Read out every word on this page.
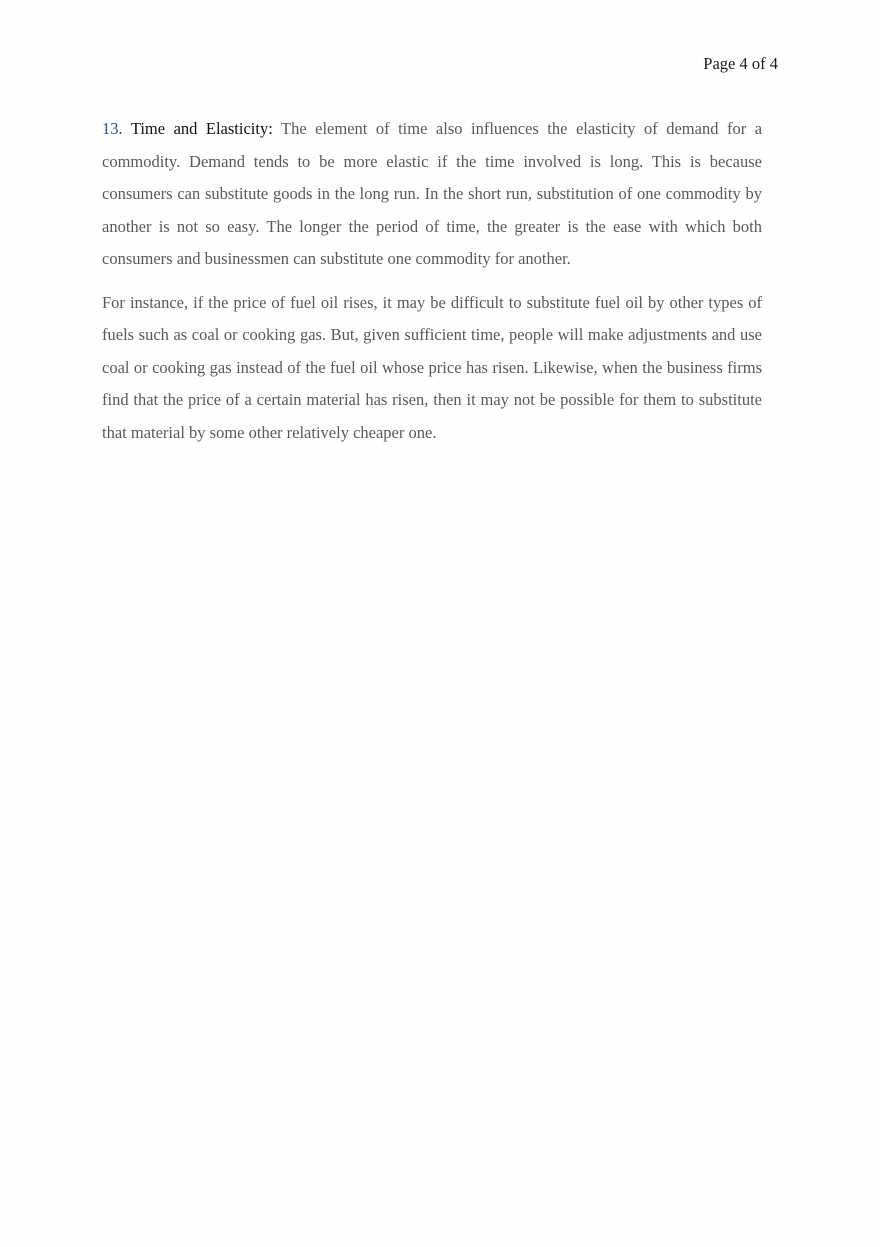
Page 4 of 4

13. Time and Elasticity: The element of time also influences the elasticity of demand for a commodity. Demand tends to be more elastic if the time involved is long. This is because consumers can substitute goods in the long run. In the short run, substitution of one commodity by another is not so easy. The longer the period of time, the greater is the ease with which both consumers and businessmen can substitute one commodity for another.

For instance, if the price of fuel oil rises, it may be difficult to substitute fuel oil by other types of fuels such as coal or cooking gas. But, given sufficient time, people will make adjustments and use coal or cooking gas instead of the fuel oil whose price has risen. Likewise, when the business firms find that the price of a certain material has risen, then it may not be possible for them to substitute that material by some other relatively cheaper one.
